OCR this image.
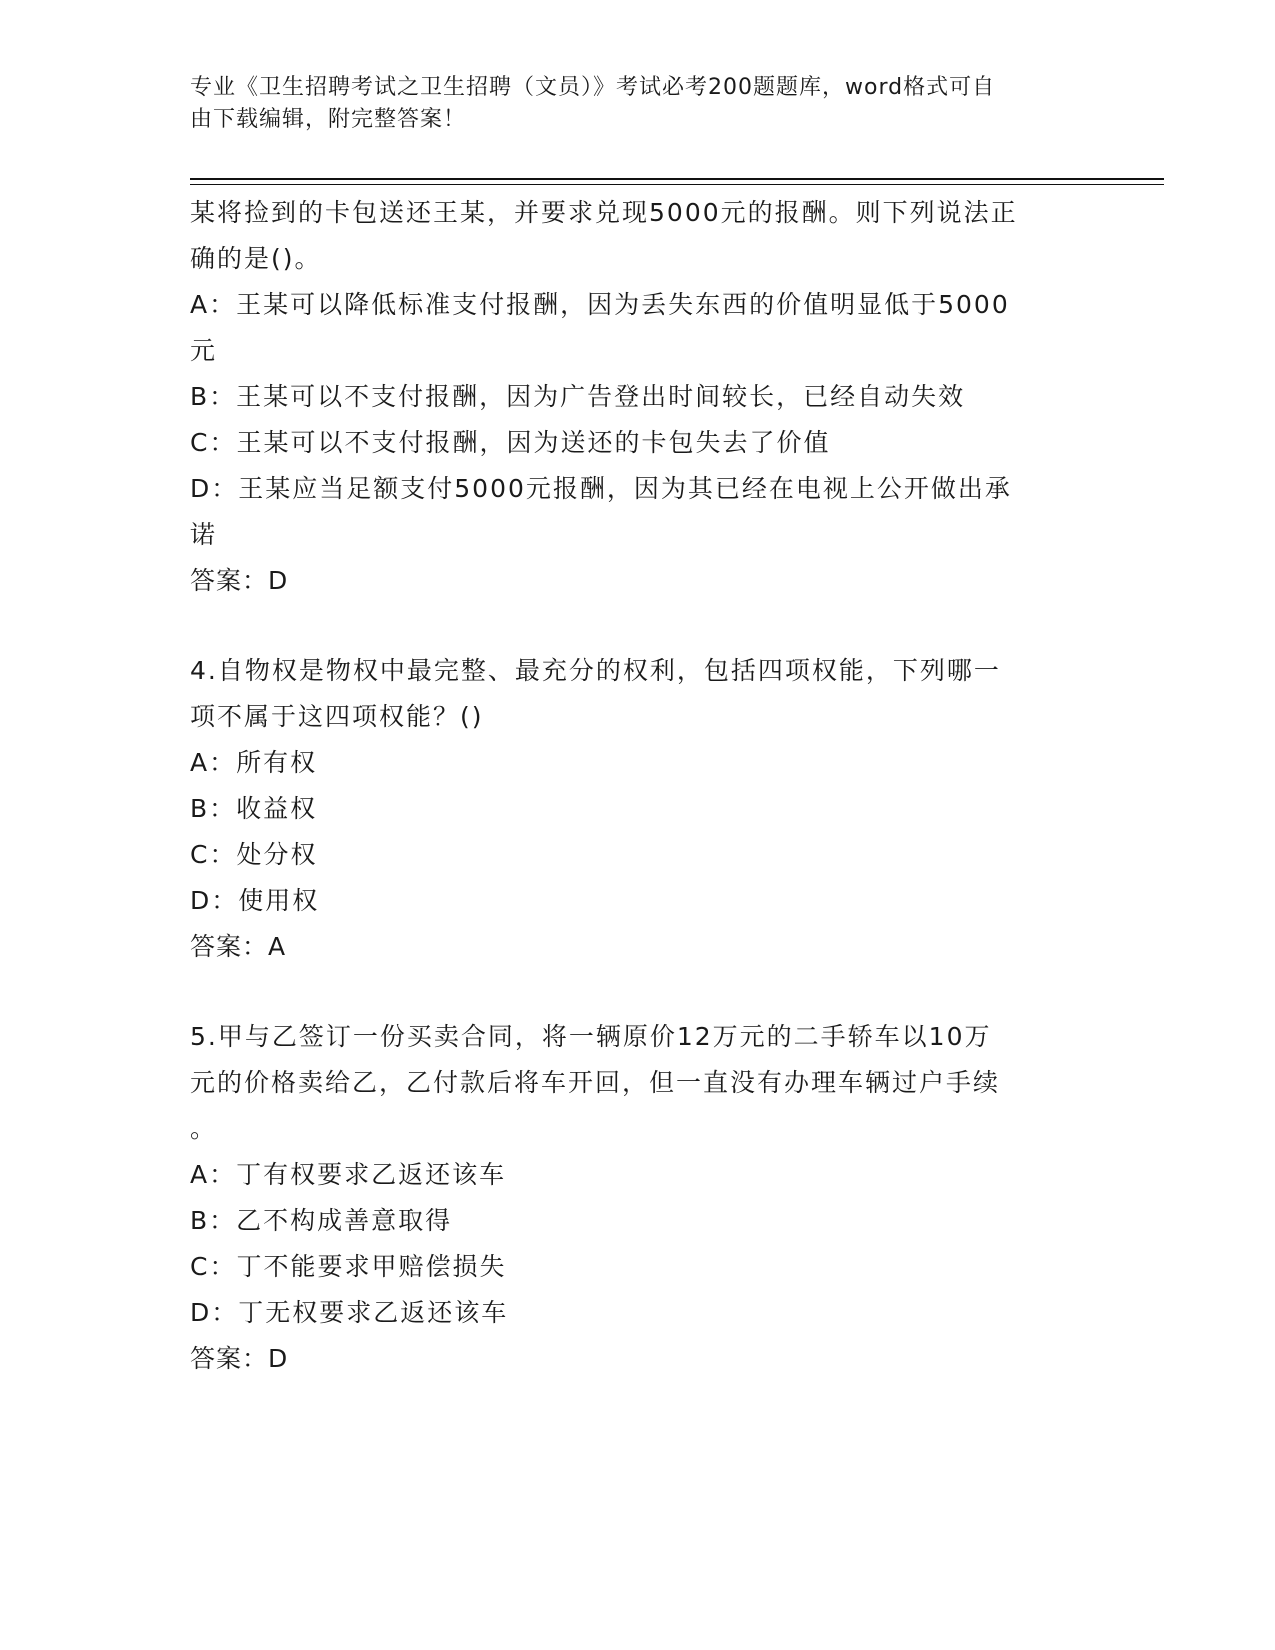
专业《卫生招聘考试之卫生招聘（文员）》考试必考200题题库，word格式可自
由下载编辑，附完整答案！
某将捡到的卡包送还王某，并要求兑现5000元的报酬。则下列说法正
确的是()。
A：王某可以降低标准支付报酬，因为丢失东西的价值明显低于5000
元
B：王某可以不支付报酬，因为广告登出时间较长，已经自动失效
C：王某可以不支付报酬，因为送还的卡包失去了价值
D：王某应当足额支付5000元报酬，因为其已经在电视上公开做出承
诺
答案：D
4.自物权是物权中最完整、最充分的权利，包括四项权能，下列哪一
项不属于这四项权能？()
A：所有权
B：收益权
C：处分权
D：使用权
答案：A
5.甲与乙签订一份买卖合同，将一辆原价12万元的二手轿车以10万
元的价格卖给乙，乙付款后将车开回，但一直没有办理车辆过户手续
。
A：丁有权要求乙返还该车
B：乙不构成善意取得
C：丁不能要求甲赔偿损失
D：丁无权要求乙返还该车
答案：D
